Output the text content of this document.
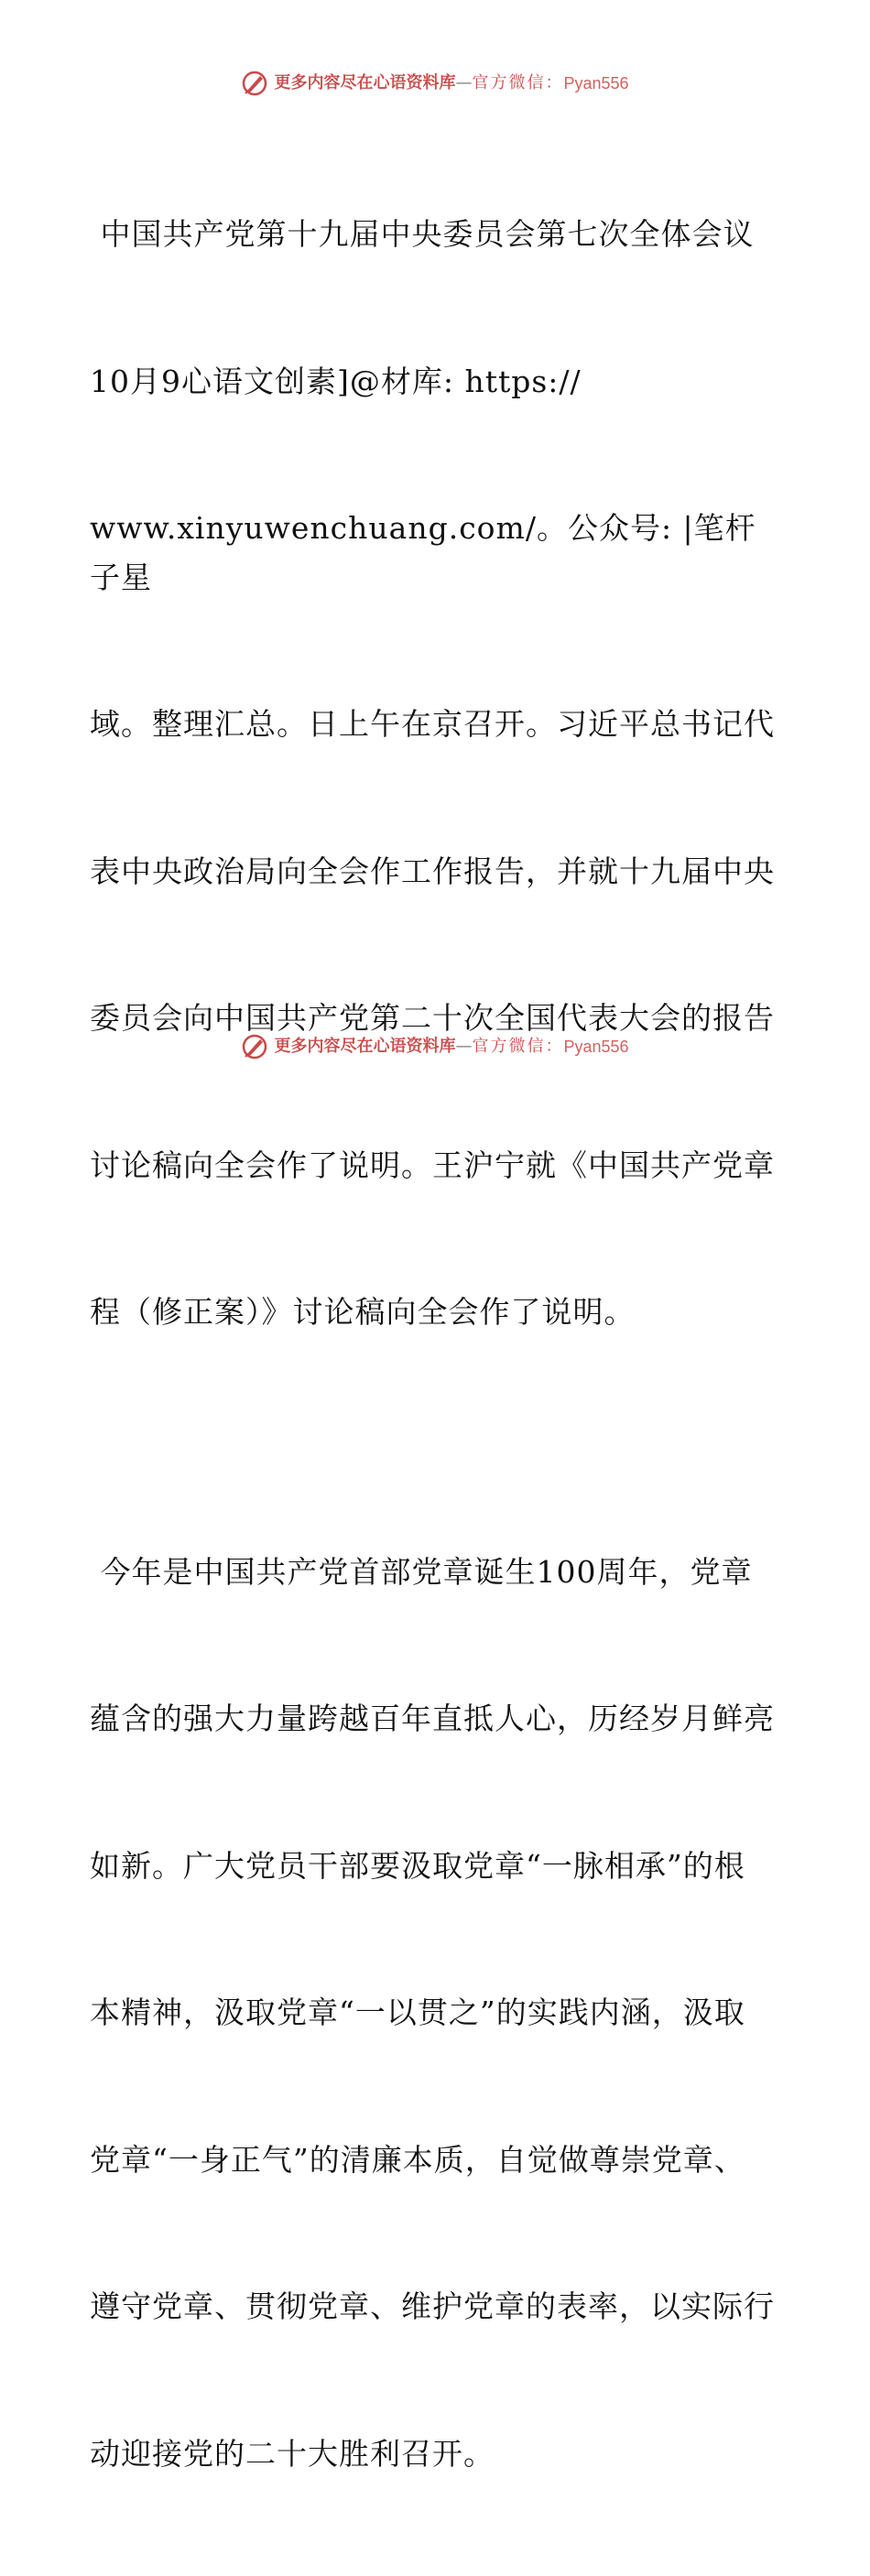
更多内容尽在心语资料库 — 官方微信： Pyan556

中国共产党第十九届中央委员会第七次全体会议

10月9心语文创素]@材库: https://

www.xinyuwenchuang.com/。公众号: |笔杆子星

域。整理汇总。日上午在京召开。习近平总书记代

表中央政治局向全会作工作报告，并就十九届中央

委员会向中国共产党第二十次全国代表大会的报告

讨论稿向全会作了说明。王沪宁就《中国共产党章

程（修正案）》讨论稿向全会作了说明。

今年是中国共产党首部党章诞生100周年，党章

蕴含的强大力量跨越百年直抵人心，历经岁月鲜亮

如新。广大党员干部要汲取党章“一脉相承”的根

本精神，汲取党章“一以贯之”的实践内涵，汲取

党章“一身正气”的清廉本质，自觉做尊崇党章、

遵守党章、贯彻党章、维护党章的表率，以实际行

动迎接党的二十大胜利召开。

更多内容尽在心语资料库 — 官方微信： Pyan556
